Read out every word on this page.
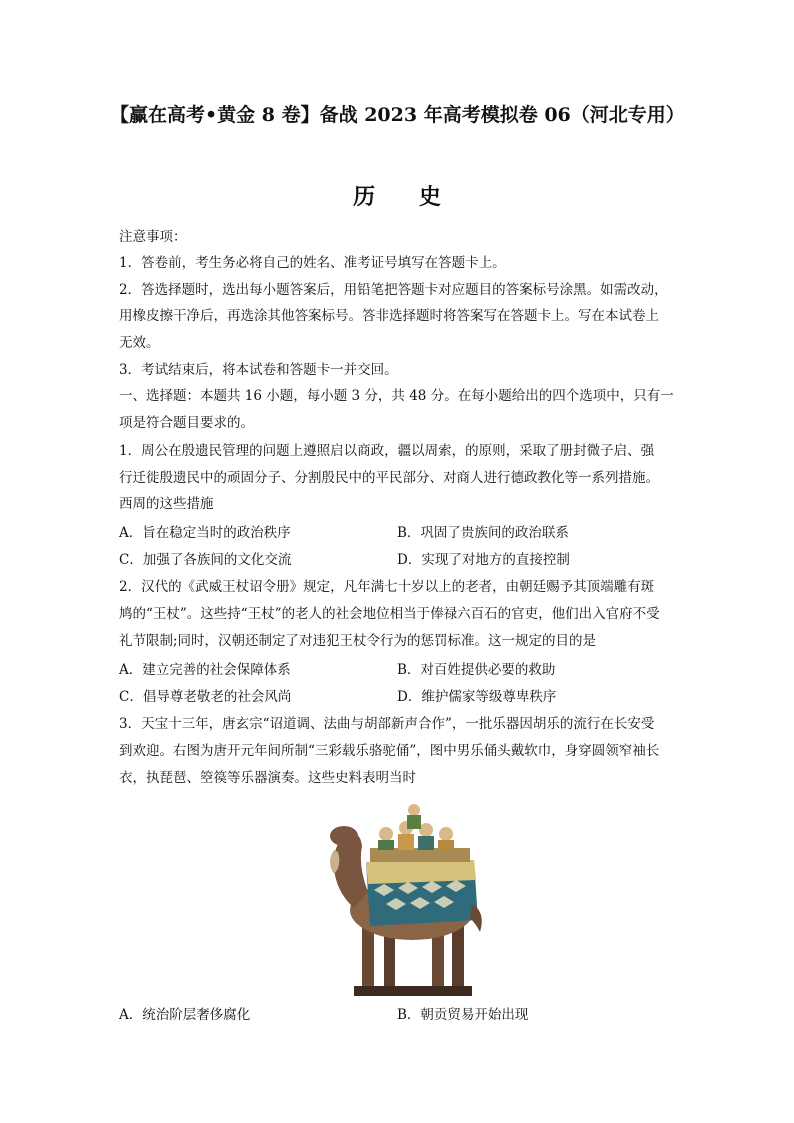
【赢在高考•黄金 8 卷】备战 2023 年高考模拟卷 06（河北专用）
历 史
注意事项：
1．答卷前，考生务必将自己的姓名、准考证号填写在答题卡上。
2．答选择题时，选出每小题答案后，用铅笔把答题卡对应题目的答案标号涂黑。如需改动，
用橡皮擦干净后，再选涂其他答案标号。答非选择题时将答案写在答题卡上。写在本试卷上
无效。
3．考试结束后，将本试卷和答题卡一并交回。
一、选择题：本题共 16 小题，每小题 3 分，共 48 分。在每小题给出的四个选项中，只有一
项是符合题目要求的。
1．周公在殷遗民管理的问题上遵照启以商政，疆以周索，的原则，采取了册封微子启、强
行迁徙殷遗民中的顽固分子、分割殷民中的平民部分、对商人进行德政教化等一系列措施。
西周的这些措施
A．旨在稳定当时的政治秩序	B．巩固了贵族间的政治联系
C．加强了各族间的文化交流	D．实现了对地方的直接控制
2．汉代的《武威王杖诏令册》规定，凡年满七十岁以上的老者，由朝廷赐予其顶端雕有斑
鸠的“王杖”。这些持“王杖”的老人的社会地位相当于俸禄六百石的官吏，他们出入官府不受
礼节限制;同时，汉朝还制定了对违犯王杖令行为的惩罚标准。这一规定的目的是
A．建立完善的社会保障体系	B．对百姓提供必要的救助
C．倡导尊老敬老的社会风尚	D．维护儒家等级尊卑秩序
3．天宝十三年，唐玄宗“诏道调、法曲与胡部新声合作”，一批乐器因胡乐的流行在长安受
到欢迎。右图为唐开元年间所制“三彩载乐骆驼俑”，图中男乐俑头戴软巾，身穿圆领窄袖长
衣，执琵琶、箜篌等乐器演奏。这些史料表明当时
A．统治阶层奢侈腐化	B．朝贡贸易开始出现
